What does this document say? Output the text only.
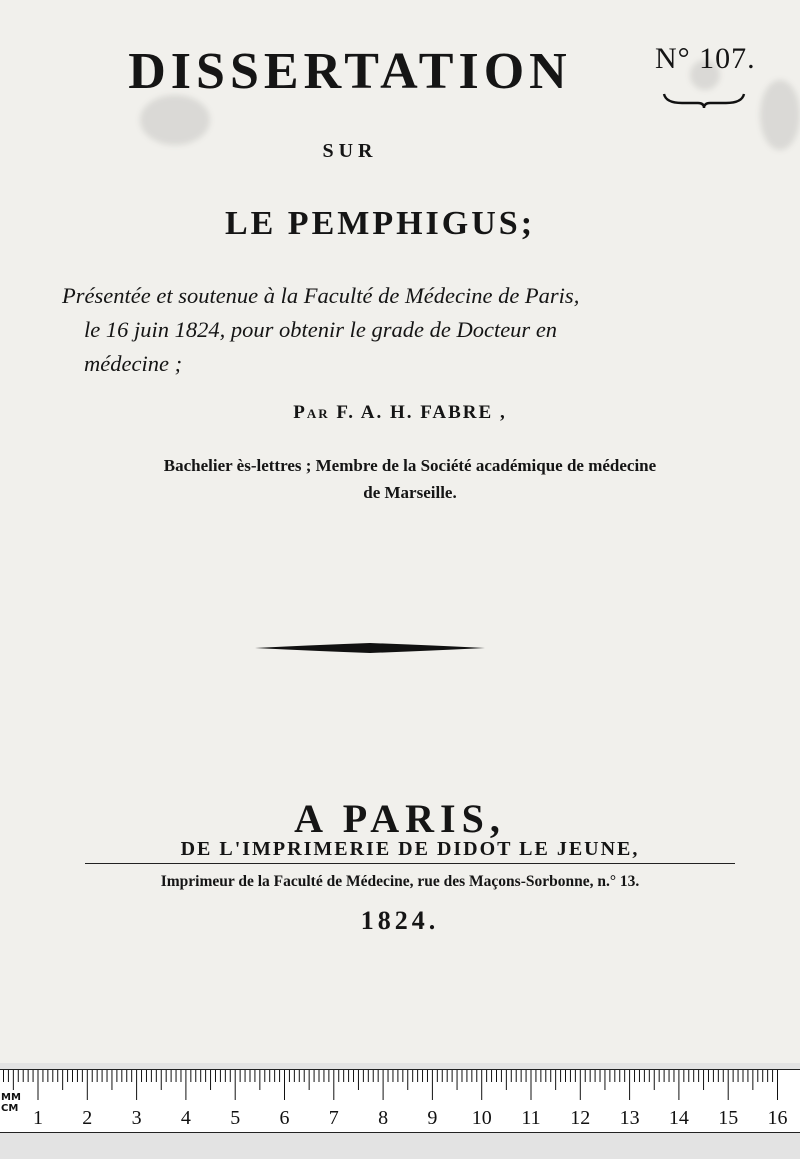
N° 107.

DISSERTATION

SUR

LE PEMPHIGUS;

Présentée et soutenue à la Faculté de Médecine de Paris,
le 16 juin 1824, pour obtenir le grade de Docteur en
médecine ;

Par F. A. H. FABRE ,

Bachelier ès-lettres ; Membre de la Société académique de médecine
de Marseille.

A PARIS,

DE L'IMPRIMERIE DE DIDOT LE JEUNE,

Imprimeur de la Faculté de Médecine, rue des Maçons-Sorbonne, n.° 13.

1824.

MM
CM 1 2 3 4 5 6 7 8 9 10 11 12 13 14 15 16
